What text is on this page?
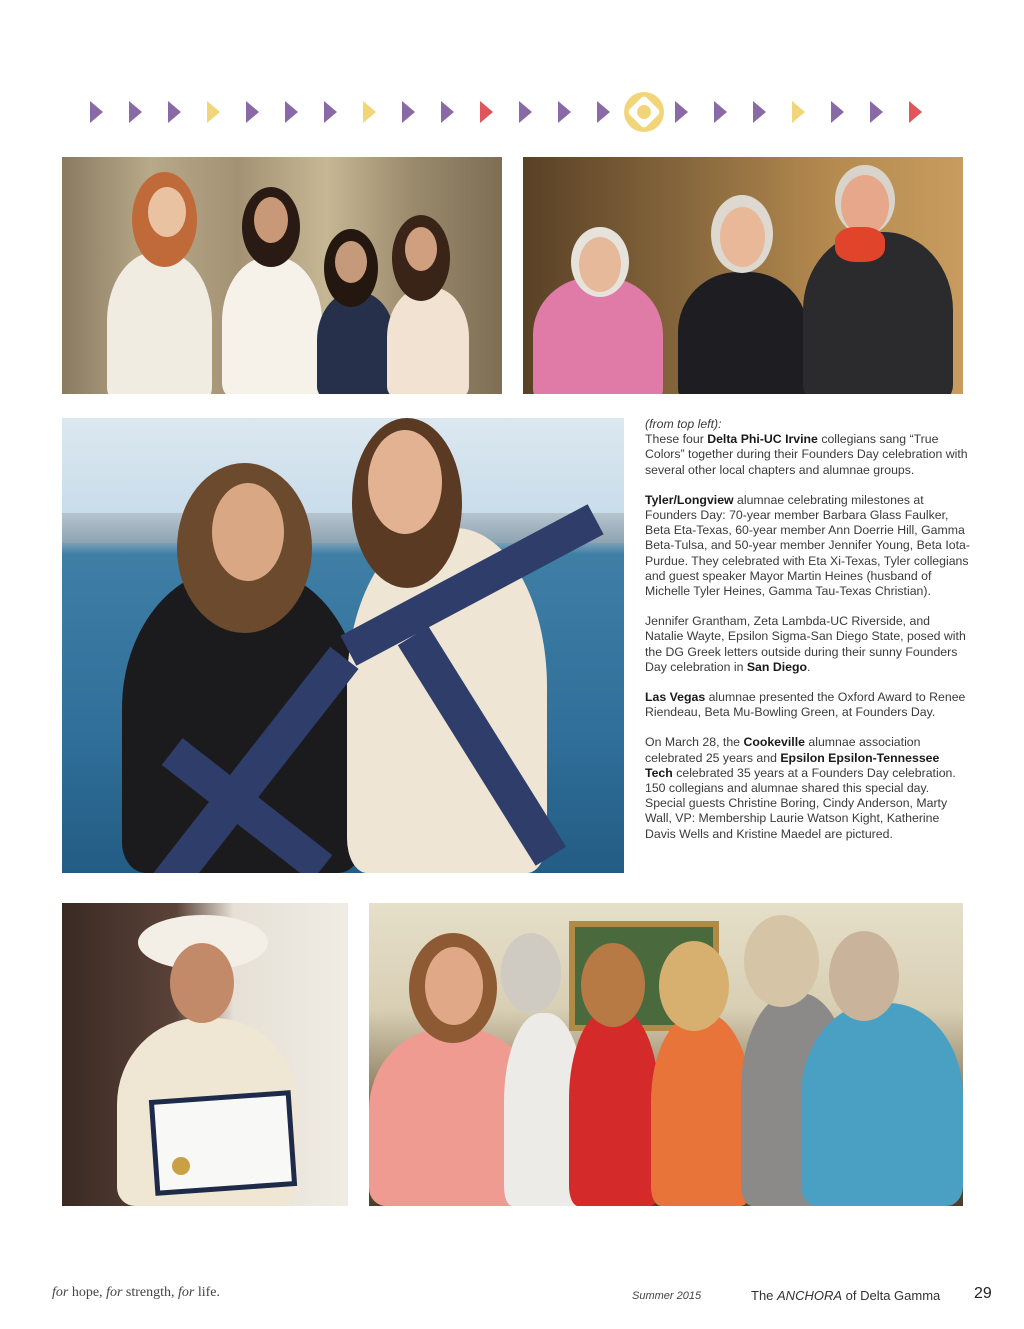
(from top left):
These four Delta Phi-UC Irvine collegians sang “True Colors” together during their Founders Day celebration with several other local chapters and alumnae groups.

Tyler/Longview alumnae celebrating milestones at Founders Day: 70-year member Barbara Glass Faulker, Beta Eta-Texas, 60-year member Ann Doerrie Hill, Gamma Beta-Tulsa, and 50-year member Jennifer Young, Beta Iota-Purdue. They celebrated with Eta Xi-Texas, Tyler collegians and guest speaker Mayor Martin Heines (husband of Michelle Tyler Heines, Gamma Tau-Texas Christian).

Jennifer Grantham, Zeta Lambda-UC Riverside, and Natalie Wayte, Epsilon Sigma-San Diego State, posed with the DG Greek letters outside during their sunny Founders Day celebration in San Diego.

Las Vegas alumnae presented the Oxford Award to Renee Riendeau, Beta Mu-Bowling Green, at Founders Day.

On March 28, the Cookeville alumnae association celebrated 25 years and Epsilon Epsilon-Tennessee Tech celebrated 35 years at a Founders Day celebration. 150 collegians and alumnae shared this special day. Special guests Christine Boring, Cindy Anderson, Marty Wall, VP: Membership Laurie Watson Kight, Katherine Davis Wells and Kristine Maedel are pictured.

for hope, for strength, for life.	Summer 2015	The ANCHORA of Delta Gamma 29
